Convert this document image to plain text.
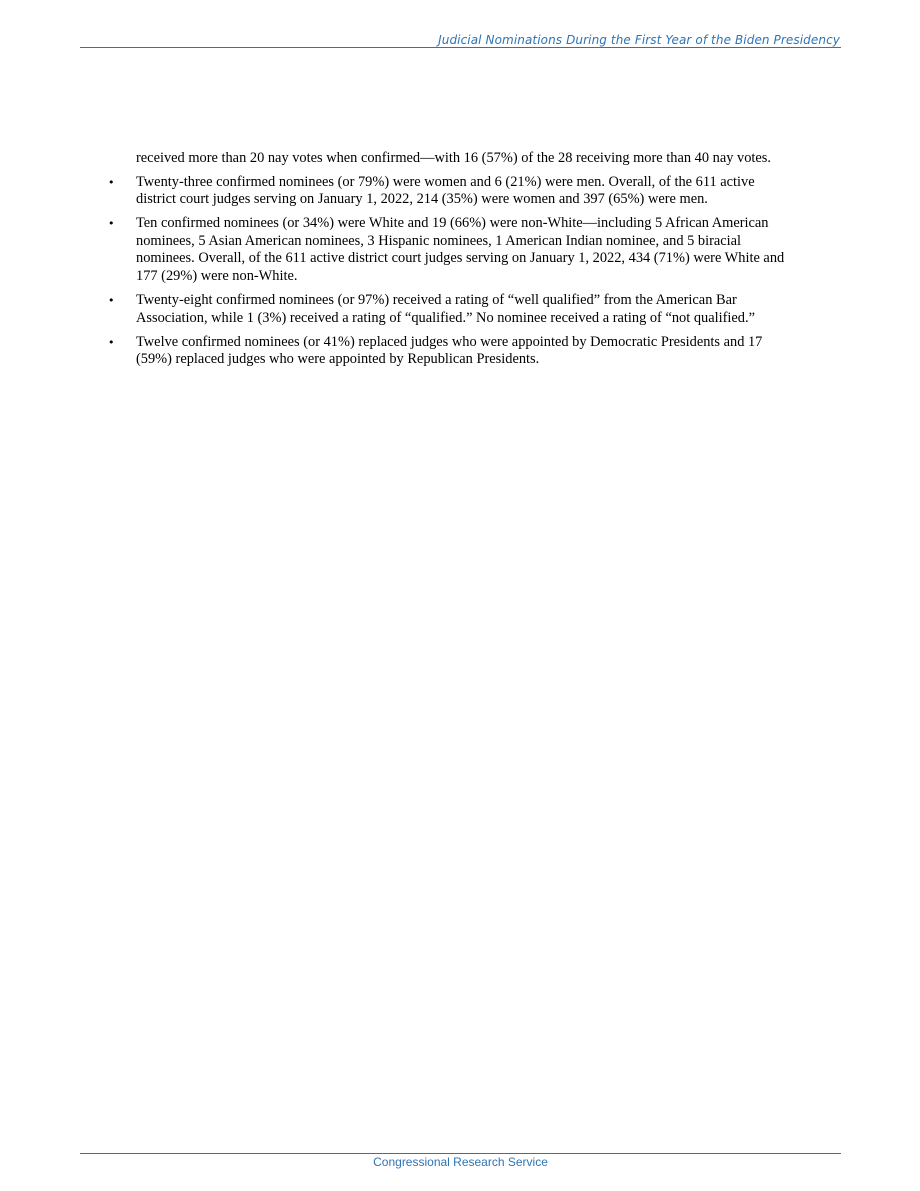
Judicial Nominations During the First Year of the Biden Presidency

received more than 20 nay votes when confirmed—with 16 (57%) of the 28 receiving more than 40 nay votes.

• Twenty-three confirmed nominees (or 79%) were women and 6 (21%) were men. Overall, of the 611 active district court judges serving on January 1, 2022, 214 (35%) were women and 397 (65%) were men.
• Ten confirmed nominees (or 34%) were White and 19 (66%) were non-White—including 5 African American nominees, 5 Asian American nominees, 3 Hispanic nominees, 1 American Indian nominee, and 5 biracial nominees. Overall, of the 611 active district court judges serving on January 1, 2022, 434 (71%) were White and 177 (29%) were non-White.
• Twenty-eight confirmed nominees (or 97%) received a rating of “well qualified” from the American Bar Association, while 1 (3%) received a rating of “qualified.” No nominee received a rating of “not qualified.”
• Twelve confirmed nominees (or 41%) replaced judges who were appointed by Democratic Presidents and 17 (59%) replaced judges who were appointed by Republican Presidents.
Congressional Research Service
